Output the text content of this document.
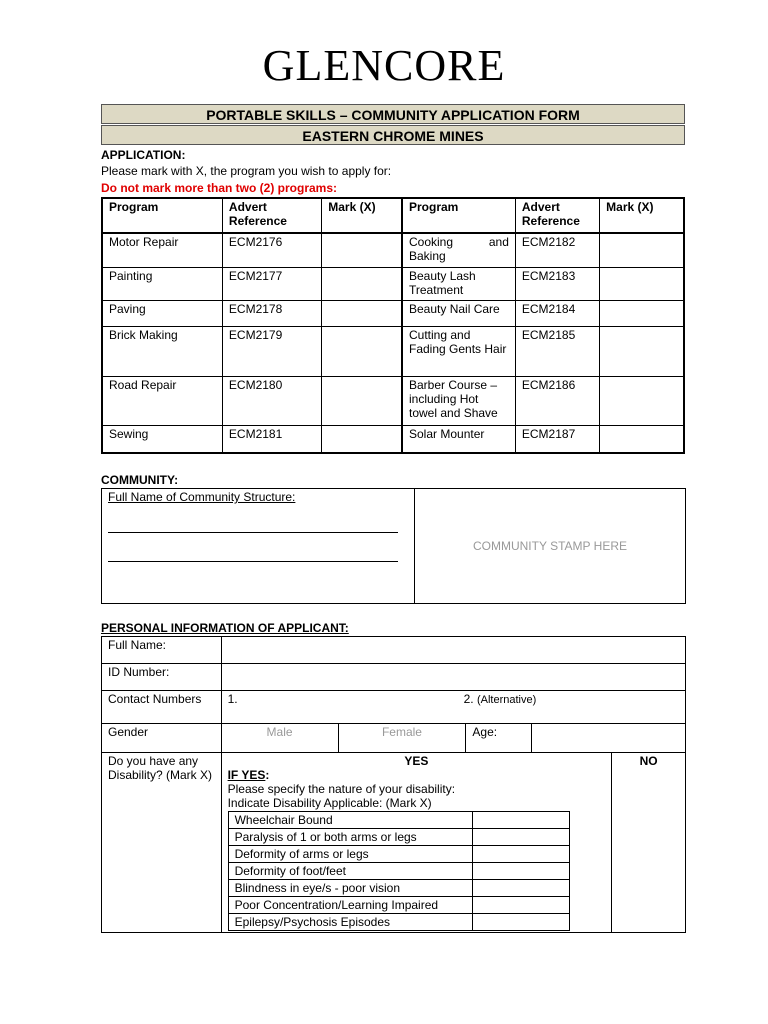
GLENCORE
PORTABLE SKILLS – COMMUNITY APPLICATION FORM
EASTERN CHROME MINES
APPLICATION:
Please mark with X, the program you wish to apply for:
Do not mark more than two (2) programs:
Program	Advert Reference	Mark (X)	Program	Advert Reference	Mark (X)
Motor Repair	ECM2176		Cooking and Baking	ECM2182	
Painting	ECM2177		Beauty Lash Treatment	ECM2183	
Paving	ECM2178		Beauty Nail Care	ECM2184	
Brick Making	ECM2179		Cutting and Fading Gents Hair	ECM2185	
Road Repair	ECM2180		Barber Course – including Hot towel and Shave	ECM2186	
Sewing	ECM2181		Solar Mounter	ECM2187	
COMMUNITY:
Full Name of Community Structure:
	COMMUNITY STAMP HERE
PERSONAL INFORMATION OF APPLICANT:
Full Name:	
ID Number:	
Contact Numbers	1.	2. (Alternative)

Gender	Male	Female	Age:	
Do you have any Disability? (Mark X)	
YES
IF YES:
Please specify the nature of your disability:
Indicate Disability Applicable: (Mark X)
Wheelchair Bound	
Paralysis of 1 or both arms or legs	
Deformity of arms or legs	
Deformity of foot/feet	
Blindness in eye/s - poor vision	
Poor Concentration/Learning Impaired	
Epilepsy/Psychosis Episodes	
	NO
